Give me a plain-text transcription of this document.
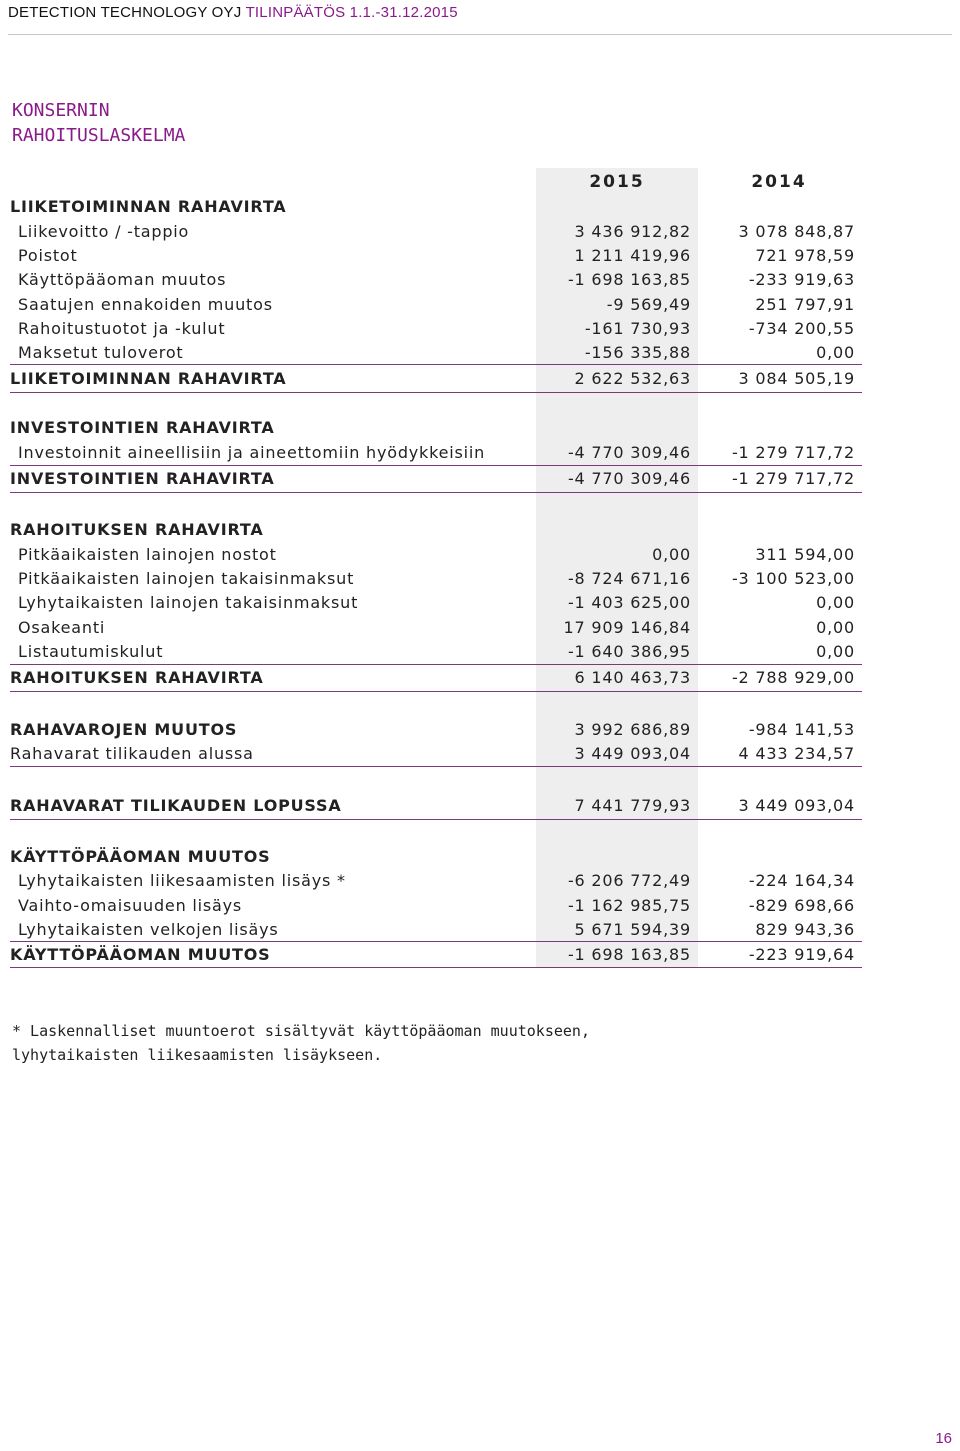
DETECTION TECHNOLOGY OYJ TILINPÄÄTÖS 1.1.-31.12.2015
KONSERNIN
RAHOITUSLASKELMA
2015	2014
LIIKETOIMINNAN RAHAVIRTA
Liikevoitto / -tappio	3 436 912,82	3 078 848,87
Poistot	1 211 419,96	721 978,59
Käyttöpääoman muutos	-1 698 163,85	-233 919,63
Saatujen ennakoiden muutos	-9 569,49	251 797,91
Rahoitustuotot ja -kulut	-161 730,93	-734 200,55
Maksetut tuloverot	-156 335,88	0,00
LIIKETOIMINNAN RAHAVIRTA	2 622 532,63	3 084 505,19
INVESTOINTIEN RAHAVIRTA
Investoinnit aineellisiin ja aineettomiin hyödykkeisiin	-4 770 309,46	-1 279 717,72
INVESTOINTIEN RAHAVIRTA	-4 770 309,46	-1 279 717,72
RAHOITUKSEN RAHAVIRTA
Pitkäaikaisten lainojen nostot	0,00	311 594,00
Pitkäaikaisten lainojen takaisinmaksut	-8 724 671,16	-3 100 523,00
Lyhytaikaisten lainojen takaisinmaksut	-1 403 625,00	0,00
Osakeanti	17 909 146,84	0,00
Listautumiskulut	-1 640 386,95	0,00
RAHOITUKSEN RAHAVIRTA	6 140 463,73	-2 788 929,00
RAHAVAROJEN MUUTOS	3 992 686,89	-984 141,53
Rahavarat tilikauden alussa	3 449 093,04	4 433 234,57
RAHAVARAT TILIKAUDEN LOPUSSA	7 441 779,93	3 449 093,04
KÄYTTÖPÄÄOMAN MUUTOS
Lyhytaikaisten liikesaamisten lisäys *	-6 206 772,49	-224 164,34
Vaihto-omaisuuden lisäys	-1 162 985,75	-829 698,66
Lyhytaikaisten velkojen lisäys	5 671 594,39	829 943,36
KÄYTTÖPÄÄOMAN MUUTOS	-1 698 163,85	-223 919,64
* Laskennalliset muuntoerot sisältyvät käyttöpääoman muutokseen,
lyhytaikaisten liikesaamisten lisäykseen.
16
